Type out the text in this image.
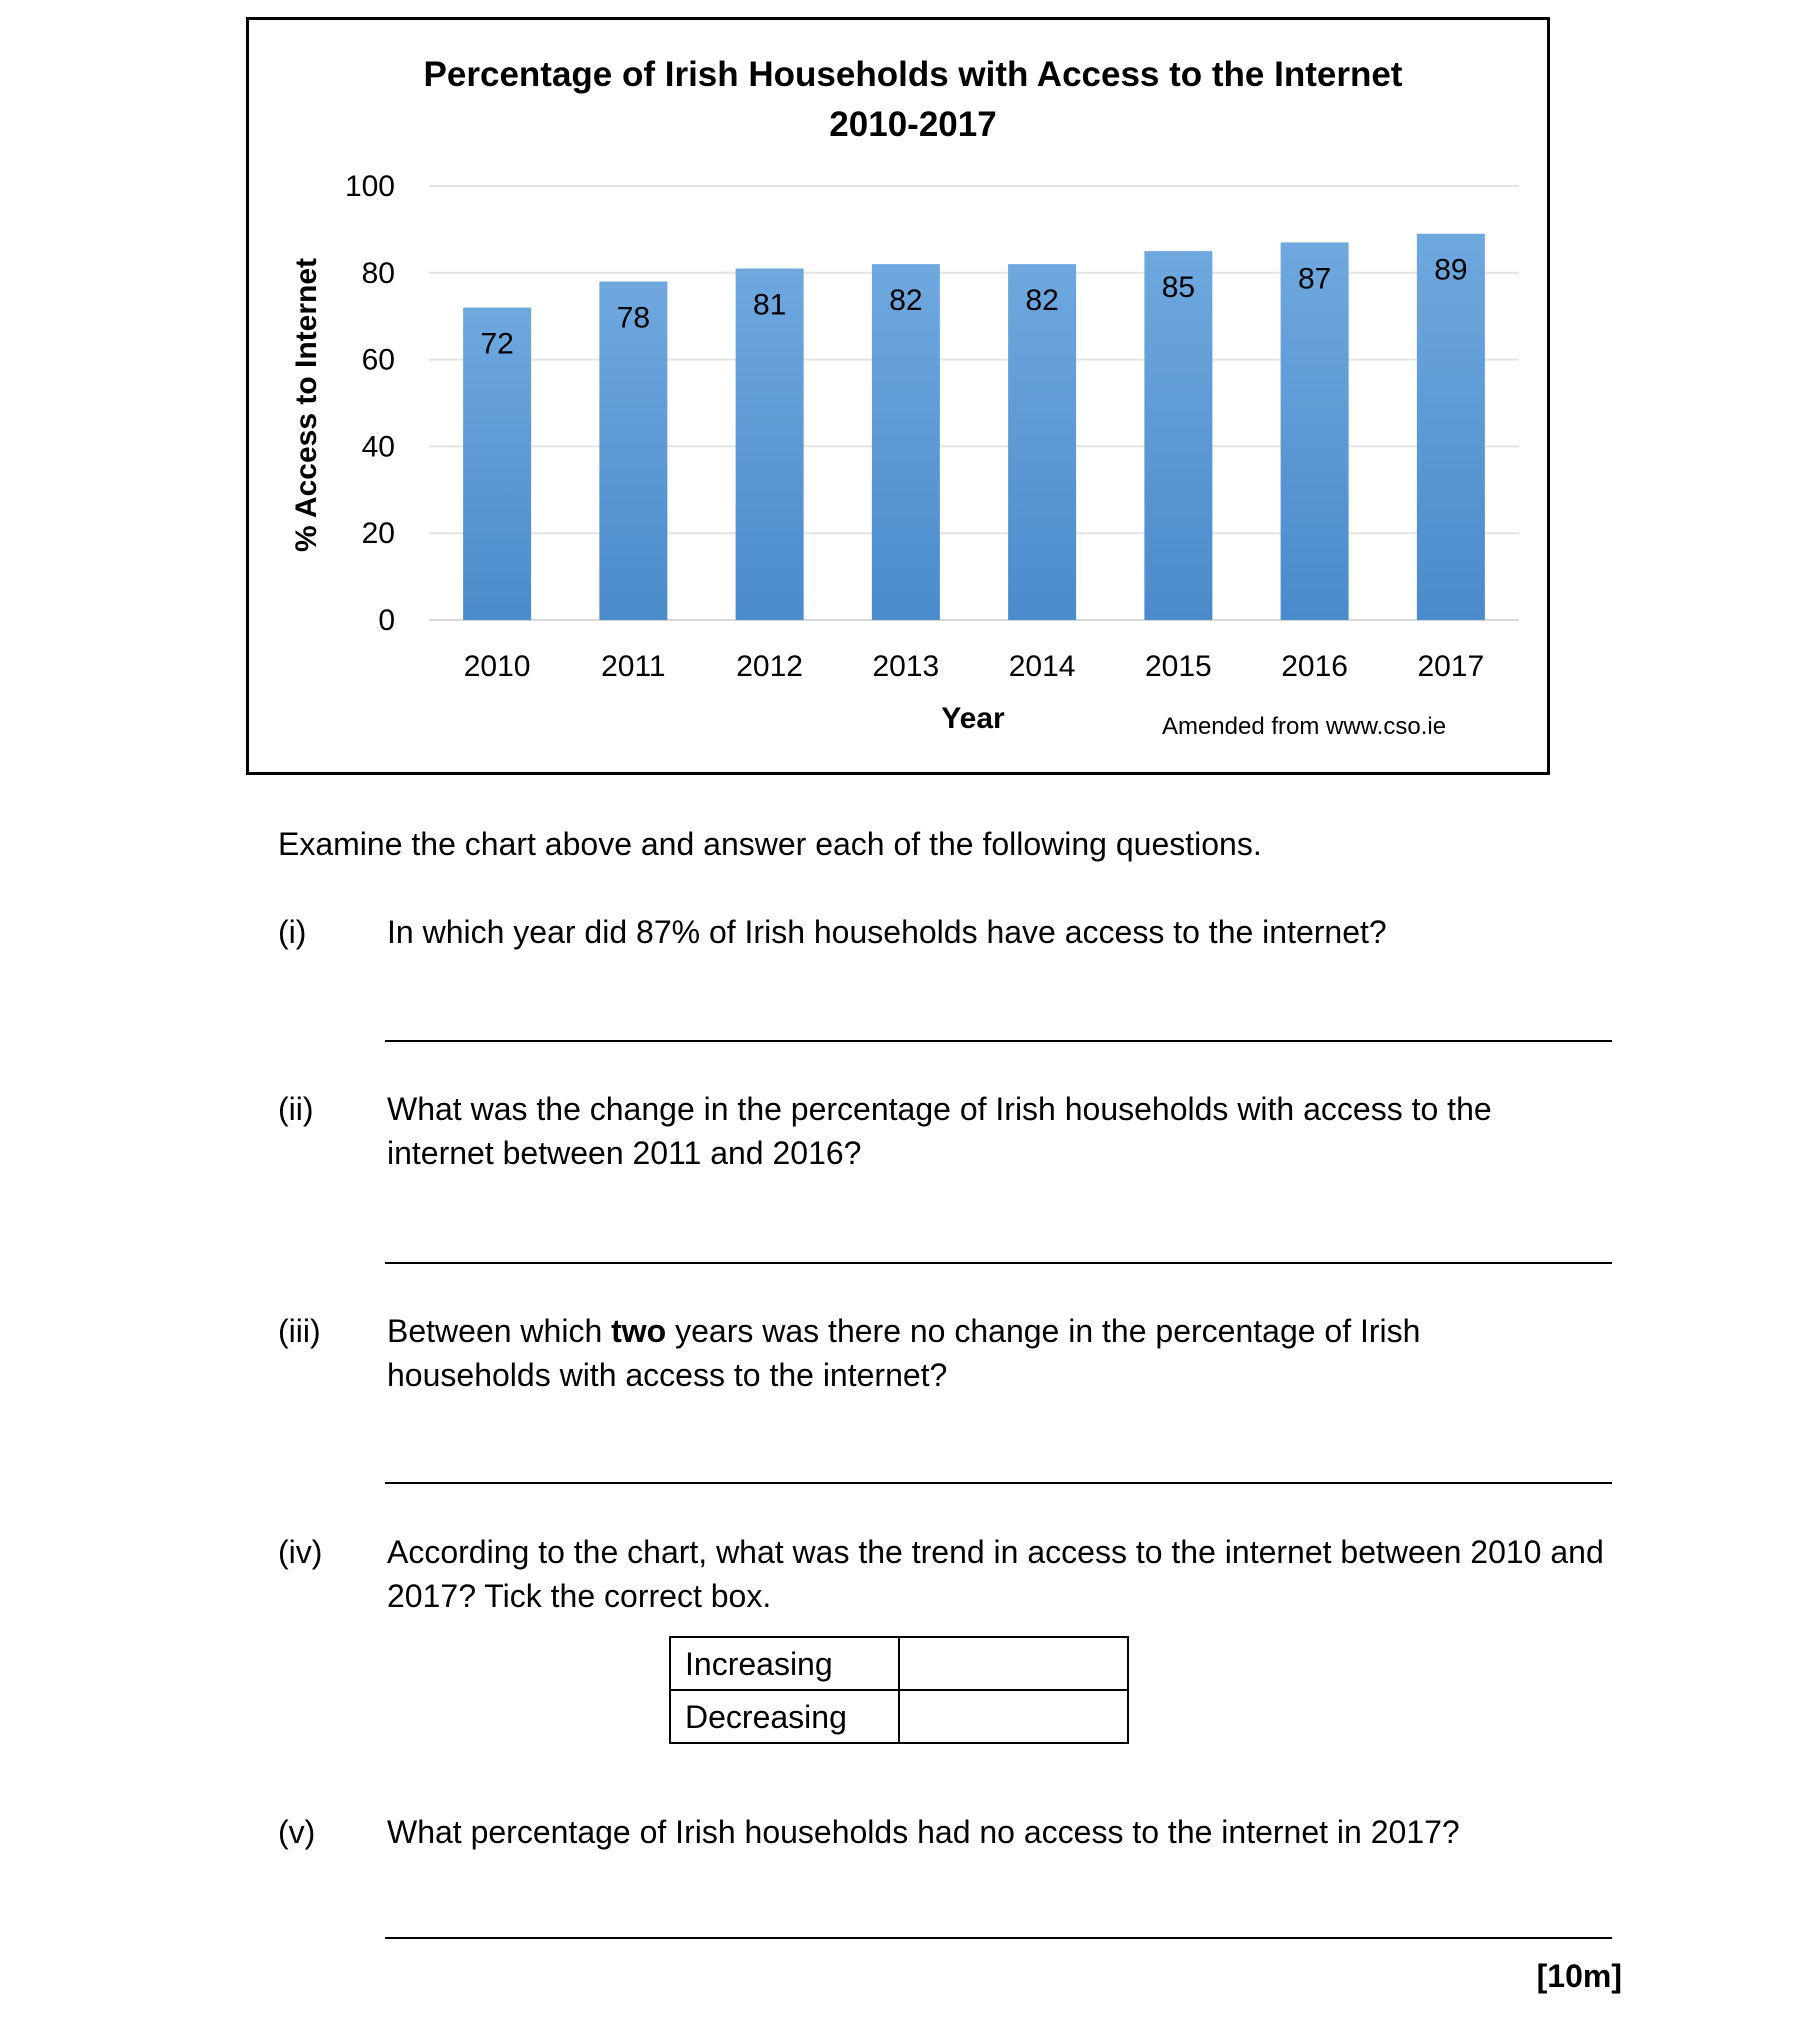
Percentage of Irish Households with Access to the Internet
2010-2017
0
20
40
60
80
100
72
2010
78
2011
81
2012
82
2013
82
2014
85
2015
87
2016
89
2017
% Access to Internet
Year	Amended from www.cso.ie
Examine the chart above and answer each of the following questions.
(i)	In which year did 87% of Irish households have access to the internet?
(ii) What was the change in the percentage of Irish households with access to the internet between 2011 and 2016?
(iii) Between which two years was there no change in the percentage of Irish households with access to the internet?
(iv) According to the chart, what was the trend in access to the internet between 2010 and 2017? Tick the correct box.
Increasing	
Decreasing	
(v) What percentage of Irish households had no access to the internet in 2017?
[10m]
